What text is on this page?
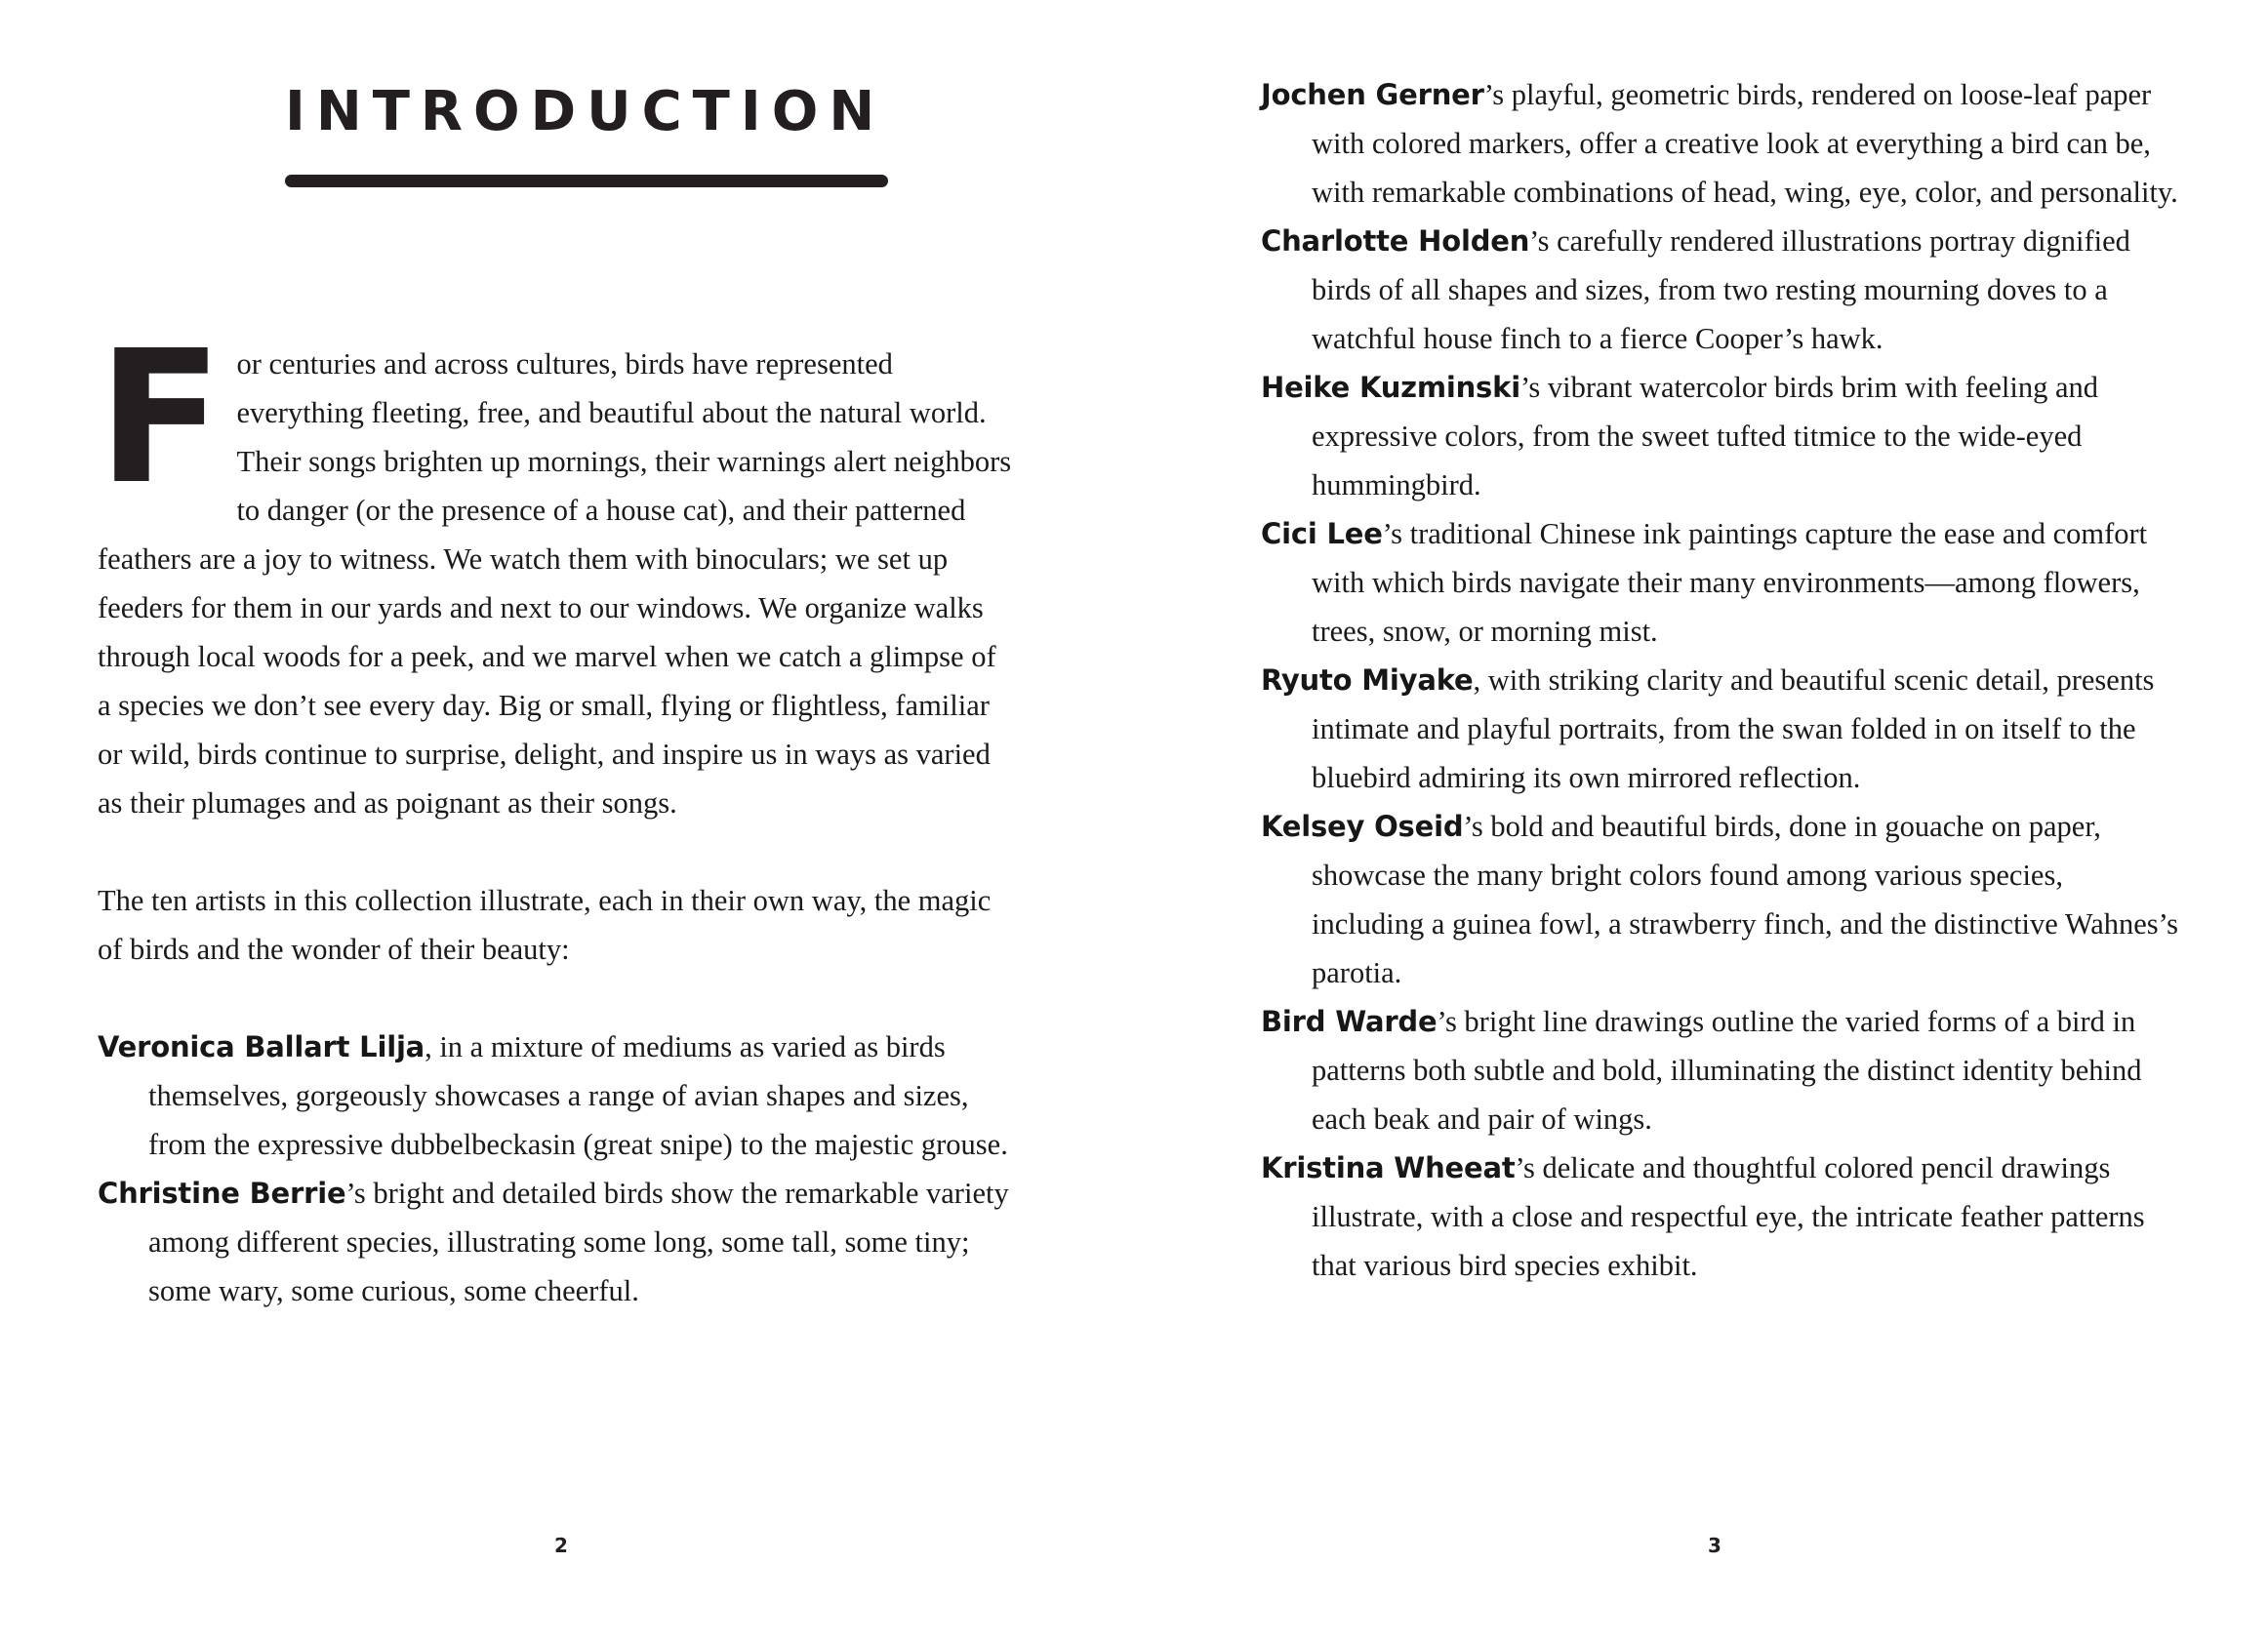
INTRODUCTION

For centuries and across cultures, birds have represented everything fleeting, free, and beautiful about the natural world. Their songs brighten up mornings, their warnings alert neighbors to danger (or the presence of a house cat), and their patterned feathers are a joy to witness. We watch them with binoculars; we set up feeders for them in our yards and next to our windows. We organize walks through local woods for a peek, and we marvel when we catch a glimpse of a species we don’t see every day. Big or small, flying or flightless, familiar or wild, birds continue to surprise, delight, and inspire us in ways as varied as their plumages and as poignant as their songs.

The ten artists in this collection illustrate, each in their own way, the magic of birds and the wonder of their beauty:

Veronica Ballart Lilja, in a mixture of mediums as varied as birds themselves, gorgeously showcases a range of avian shapes and sizes, from the expressive dubbelbeckasin (great snipe) to the majestic grouse.

Christine Berrie’s bright and detailed birds show the remarkable variety among different species, illustrating some long, some tall, some tiny; some wary, some curious, some cheerful.

2

Jochen Gerner’s playful, geometric birds, rendered on loose-leaf paper with colored markers, offer a creative look at everything a bird can be, with remarkable combinations of head, wing, eye, color, and personality.

Charlotte Holden’s carefully rendered illustrations portray dignified birds of all shapes and sizes, from two resting mourning doves to a watchful house finch to a fierce Cooper’s hawk.

Heike Kuzminski’s vibrant watercolor birds brim with feeling and expressive colors, from the sweet tufted titmice to the wide-eyed hummingbird.

Cici Lee’s traditional Chinese ink paintings capture the ease and comfort with which birds navigate their many environments—among flowers, trees, snow, or morning mist.

Ryuto Miyake, with striking clarity and beautiful scenic detail, presents intimate and playful portraits, from the swan folded in on itself to the bluebird admiring its own mirrored reflection.

Kelsey Oseid’s bold and beautiful birds, done in gouache on paper, showcase the many bright colors found among various species, including a guinea fowl, a strawberry finch, and the distinctive Wahnes’s parotia.

Bird Warde’s bright line drawings outline the varied forms of a bird in patterns both subtle and bold, illuminating the distinct identity behind each beak and pair of wings.

Kristina Wheeat’s delicate and thoughtful colored pencil drawings illustrate, with a close and respectful eye, the intricate feather patterns that various bird species exhibit.

3
